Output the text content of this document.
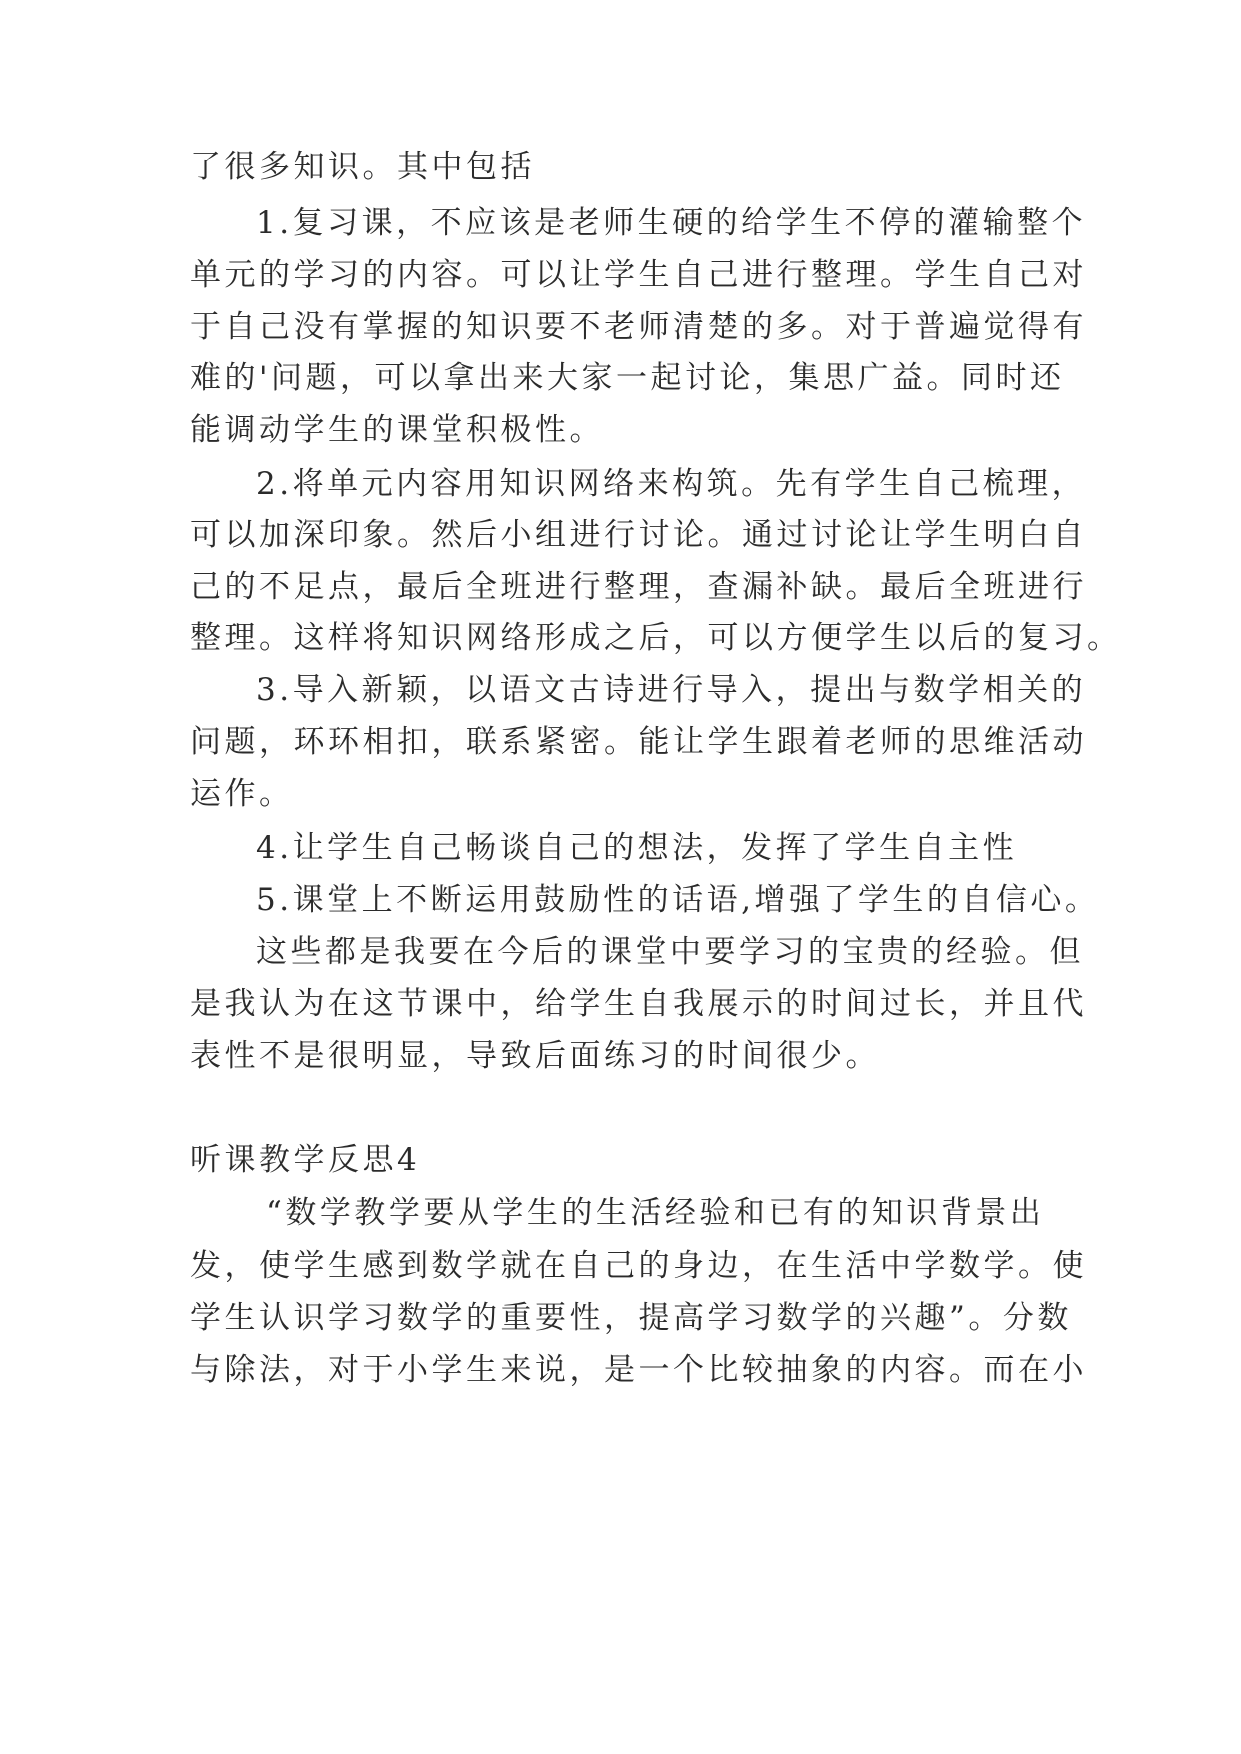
了很多知识。其中包括
1.复习课，不应该是老师生硬的给学生不停的灌输整个
单元的学习的内容。可以让学生自己进行整理。学生自己对
于自己没有掌握的知识要不老师清楚的多。对于普遍觉得有
难的'问题，可以拿出来大家一起讨论，集思广益。同时还
能调动学生的课堂积极性。
2.将单元内容用知识网络来构筑。先有学生自己梳理，
可以加深印象。然后小组进行讨论。通过讨论让学生明白自
己的不足点，最后全班进行整理，查漏补缺。最后全班进行
整理。这样将知识网络形成之后，可以方便学生以后的复习。
3.导入新颖，以语文古诗进行导入，提出与数学相关的
问题，环环相扣，联系紧密。能让学生跟着老师的思维活动
运作。
4.让学生自己畅谈自己的想法，发挥了学生自主性
5.课堂上不断运用鼓励性的话语,增强了学生的自信心。
这些都是我要在今后的课堂中要学习的宝贵的经验。但
是我认为在这节课中，给学生自我展示的时间过长，并且代
表性不是很明显，导致后面练习的时间很少。
听课教学反思4
“数学教学要从学生的生活经验和已有的知识背景出
发，使学生感到数学就在自己的身边，在生活中学数学。使
学生认识学习数学的重要性，提高学习数学的兴趣”。分数
与除法，对于小学生来说，是一个比较抽象的内容。而在小
